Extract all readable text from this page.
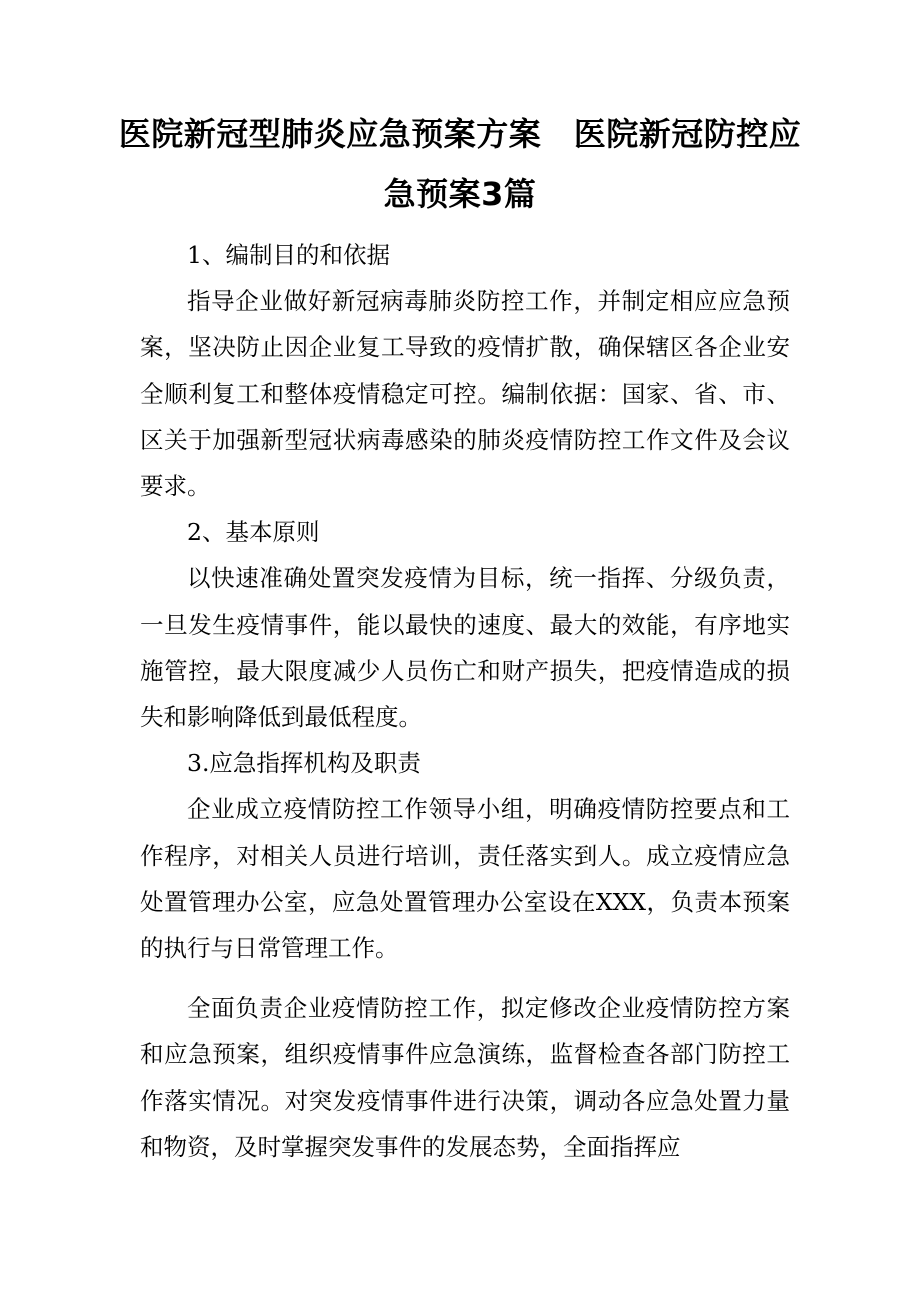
医院新冠型肺炎应急预案方案　医院新冠防控应急预案3篇

1、编制目的和依据

指导企业做好新冠病毒肺炎防控工作，并制定相应应急预案，坚决防止因企业复工导致的疫情扩散，确保辖区各企业安全顺利复工和整体疫情稳定可控。编制依据：国家、省、市、区关于加强新型冠状病毒感染的肺炎疫情防控工作文件及会议要求。

2、基本原则

以快速准确处置突发疫情为目标，统一指挥、分级负责，一旦发生疫情事件，能以最快的速度、最大的效能，有序地实施管控，最大限度减少人员伤亡和财产损失，把疫情造成的损失和影响降低到最低程度。

3.应急指挥机构及职责

企业成立疫情防控工作领导小组，明确疫情防控要点和工作程序，对相关人员进行培训，责任落实到人。成立疫情应急处置管理办公室，应急处置管理办公室设在XXX，负责本预案的执行与日常管理工作。

全面负责企业疫情防控工作，拟定修改企业疫情防控方案和应急预案，组织疫情事件应急演练，监督检查各部门防控工作落实情况。对突发疫情事件进行决策，调动各应急处置力量和物资，及时掌握突发事件的发展态势，全面指挥应
